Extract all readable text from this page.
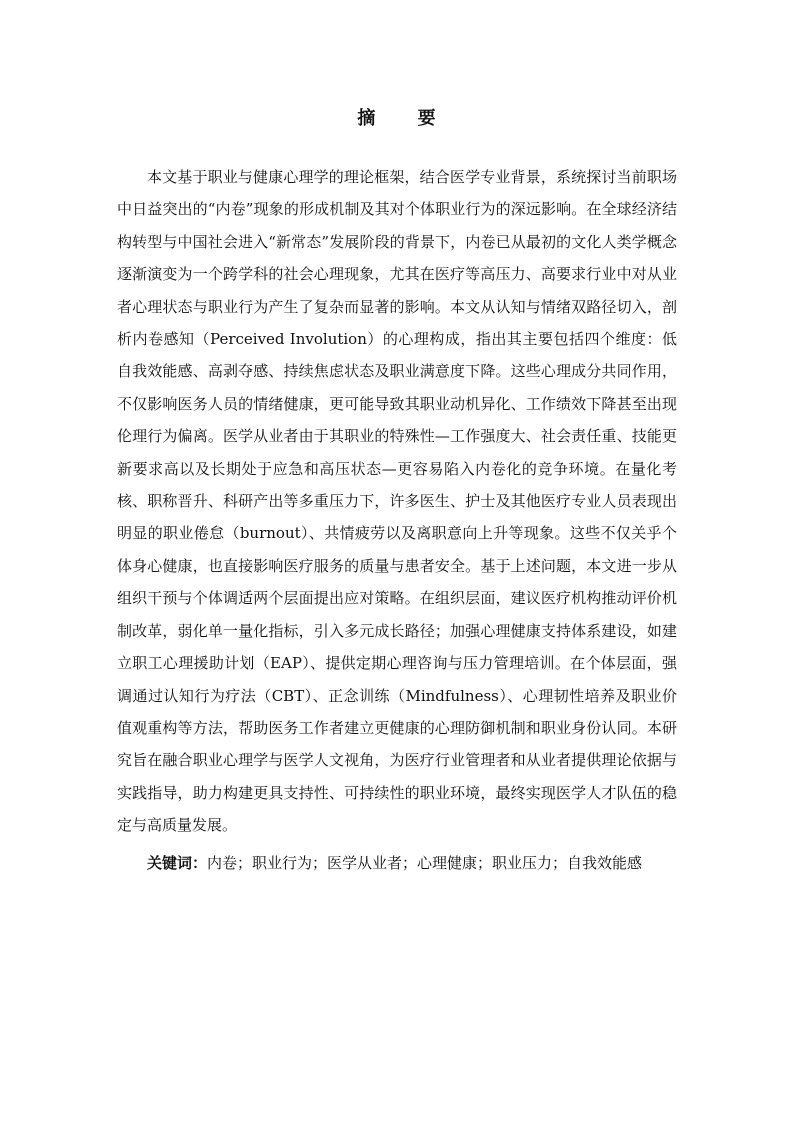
摘 要

本文基于职业与健康心理学的理论框架，结合医学专业背景，系统探讨当前职场中日益突出的“内卷”现象的形成机制及其对个体职业行为的深远影响。在全球经济结构转型与中国社会进入“新常态”发展阶段的背景下，内卷已从最初的文化人类学概念逐渐演变为一个跨学科的社会心理现象，尤其在医疗等高压力、高要求行业中对从业者心理状态与职业行为产生了复杂而显著的影响。本文从认知与情绪双路径切入，剖析内卷感知（Perceived Involution）的心理构成，指出其主要包括四个维度：低自我效能感、高剥夺感、持续焦虑状态及职业满意度下降。这些心理成分共同作用，不仅影响医务人员的情绪健康，更可能导致其职业动机异化、工作绩效下降甚至出现伦理行为偏离。医学从业者由于其职业的特殊性—工作强度大、社会责任重、技能更新要求高以及长期处于应急和高压状态—更容易陷入内卷化的竞争环境。在量化考核、职称晋升、科研产出等多重压力下，许多医生、护士及其他医疗专业人员表现出明显的职业倦怠（burnout）、共情疲劳以及离职意向上升等现象。这些不仅关乎个体身心健康，也直接影响医疗服务的质量与患者安全。基于上述问题，本文进一步从组织干预与个体调适两个层面提出应对策略。在组织层面，建议医疗机构推动评价机制改革，弱化单一量化指标，引入多元成长路径；加强心理健康支持体系建设，如建立职工心理援助计划（EAP）、提供定期心理咨询与压力管理培训。在个体层面，强调通过认知行为疗法（CBT）、正念训练（Mindfulness）、心理韧性培养及职业价值观重构等方法，帮助医务工作者建立更健康的心理防御机制和职业身份认同。本研究旨在融合职业心理学与医学人文视角，为医疗行业管理者和从业者提供理论依据与实践指导，助力构建更具支持性、可持续性的职业环境，最终实现医学人才队伍的稳定与高质量发展。

关键词：内卷；职业行为；医学从业者；心理健康；职业压力；自我效能感
